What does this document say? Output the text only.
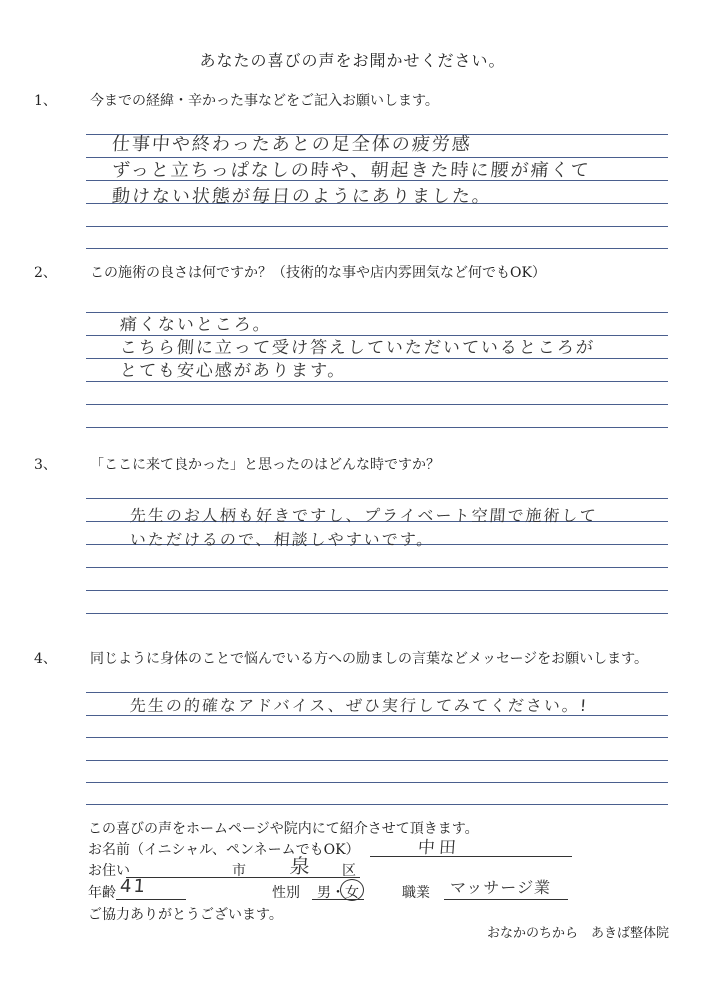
あなたの喜びの声をお聞かせください。
1、 今までの経緯・辛かった事などをご記入お願いします。
仕事中や終わったあとの足全体の疲労感
ずっと立ちっぱなしの時や、朝起きた時に腰が痛くて
動けない状態が毎日のようにありました。
2、 この施術の良さは何ですか？（技術的な事や店内雰囲気など何でもOK）
痛くないところ。
こちら側に立って受け答えしていただいているところが
とても安心感があります。
3、 「ここに来て良かった」と思ったのはどんな時ですか？
先生のお人柄も好きですし、プライベート空間で施術して
いただけるので、相談しやすいです。
4、 同じように身体のことで悩んでいる方への励ましの言葉などメッセージをお願いします。
先生の的確なアドバイス、ぜひ実行してみてください。!
この喜びの声をホームページや院内にて紹介させて頂きます。
お名前（イニシャル、ペンネームでもOK）	中田
お住い	市 泉 区
年齢 41	性別 男・女	職業 マッサージ業
ご協力ありがとうございます。
おなかのちから　あきば整体院
